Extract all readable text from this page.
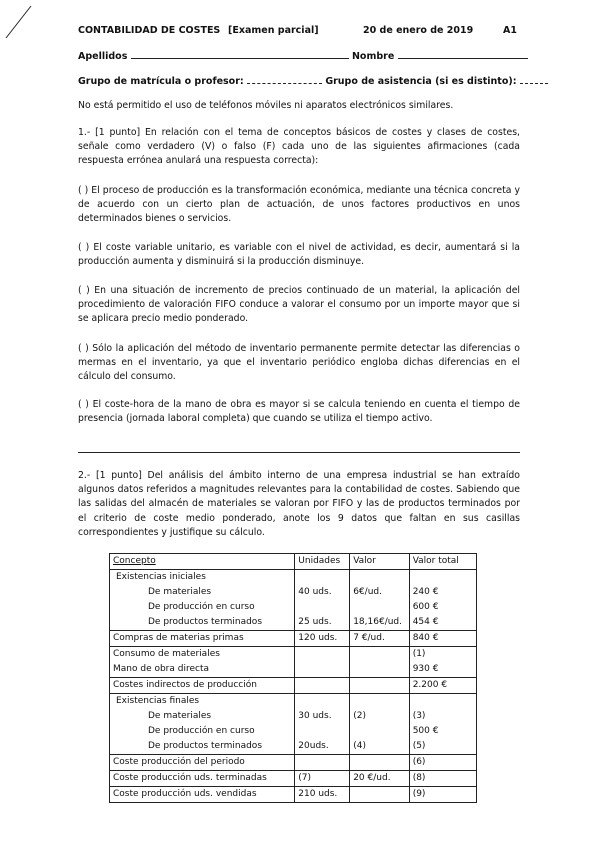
CONTABILIDAD DE COSTES [Examen parcial]	20 de enero de 2019	A1
Apellidos	Nombre
Grupo de matrícula o profesor:	Grupo de asistencia (si es distinto):
No está permitido el uso de teléfonos móviles ni aparatos electrónicos similares.
1.- [1 punto] En relación con el tema de conceptos básicos de costes y clases de costes, señale como verdadero (V) o falso (F) cada uno de las siguientes afirmaciones (cada respuesta errónea anulará una respuesta correcta):
( ) El proceso de producción es la transformación económica, mediante una técnica concreta y de acuerdo con un cierto plan de actuación, de unos factores productivos en unos determinados bienes o servicios.
( ) El coste variable unitario, es variable con el nivel de actividad, es decir, aumentará si la producción aumenta y disminuirá si la producción disminuye.
( ) En una situación de incremento de precios continuado de un material, la aplicación del procedimiento de valoración FIFO conduce a valorar el consumo por un importe mayor que si se aplicara precio medio ponderado.
( ) Sólo la aplicación del método de inventario permanente permite detectar las diferencias o mermas en el inventario, ya que el inventario periódico engloba dichas diferencias en el cálculo del consumo.
( ) El coste-hora de la mano de obra es mayor si se calcula teniendo en cuenta el tiempo de presencia (jornada laboral completa) que cuando se utiliza el tiempo activo.
2.- [1 punto] Del análisis del ámbito interno de una empresa industrial se han extraído algunos datos referidos a magnitudes relevantes para la contabilidad de costes. Sabiendo que las salidas del almacén de materiales se valoran por FIFO y las de productos terminados por el criterio de coste medio ponderado, anote los 9 datos que faltan en sus casillas correspondientes y justifique su cálculo.
Concepto	Unidades	Valor	Valor total
Existencias iniciales			
De materiales	40 uds.	6€/ud.	240 €
De producción en curso			600 €
De productos terminados	25 uds.	18,16€/ud.	454 €
Compras de materias primas	120 uds.	7 €/ud.	840 €
Consumo de materiales			(1)
Mano de obra directa			930 €
Costes indirectos de producción			2.200 €
Existencias finales			
De materiales	30 uds.	(2)	(3)
De producción en curso			500 €
De productos terminados	20uds.	(4)	(5)
Coste producción del periodo			(6)
Coste producción uds. terminadas	(7)	20 €/ud.	(8)
Coste producción uds. vendidas	210 uds.		(9)
